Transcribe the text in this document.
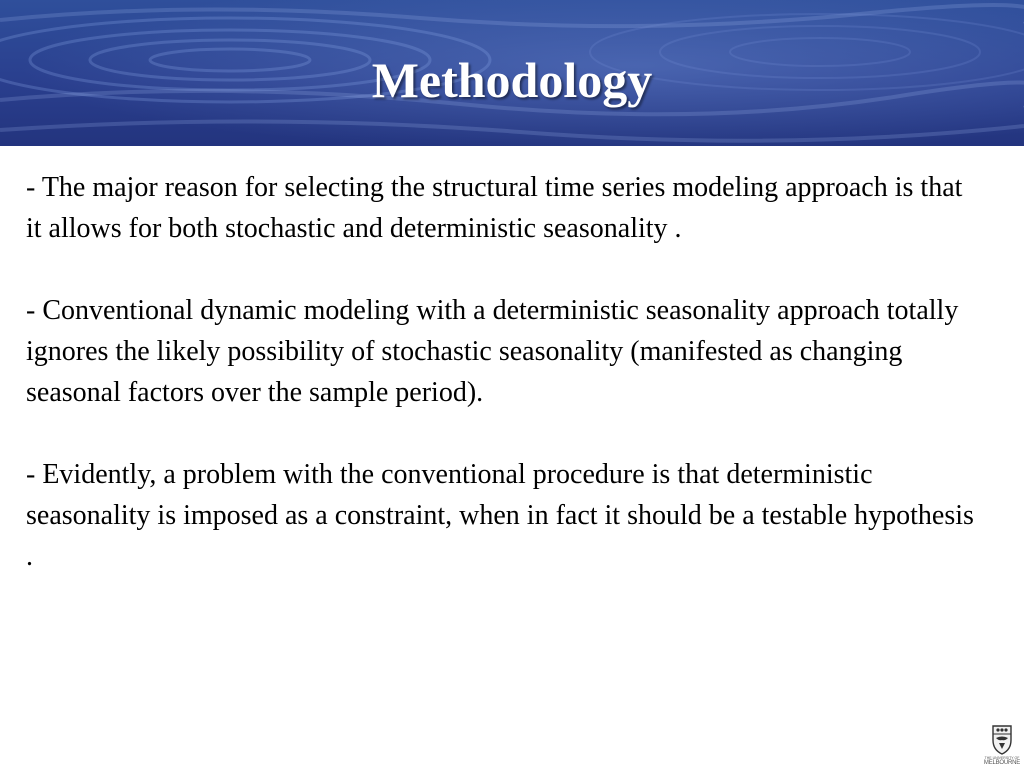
Methodology

- The major reason for selecting the structural time series modeling approach is that it allows for both stochastic and deterministic seasonality .

- Conventional dynamic modeling with a deterministic seasonality approach totally ignores the likely possibility of stochastic seasonality (manifested as changing seasonal factors over the sample period).

- Evidently, a problem with the conventional procedure is that deterministic seasonality is imposed as a constraint, when in fact it should be a testable hypothesis .

THE UNIVERSITY OF
MELBOURNE
